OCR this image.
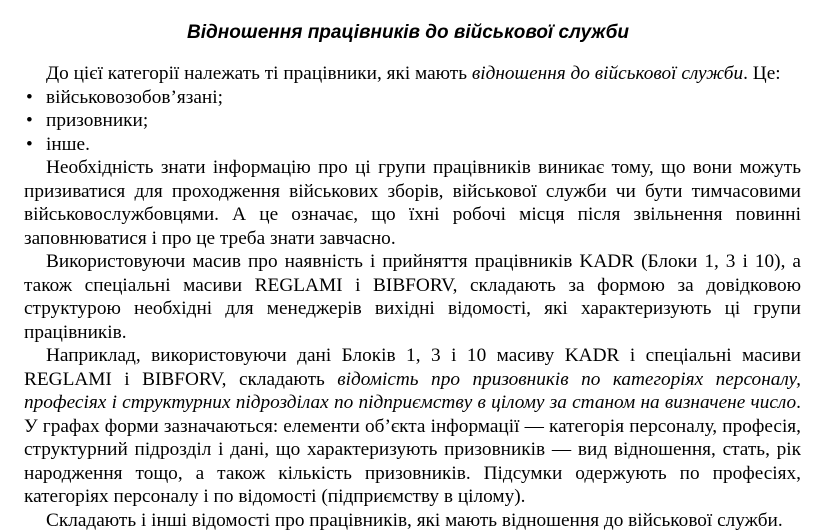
Відношення працівників до військової служби

До цієї категорії належать ті працівники, які мають відношення до військової служби. Це:

• військовозобов’язані;
• призовники;
• інше.

Необхідність знати інформацію про ці групи працівників виникає тому, що вони можуть призиватися для проходження військових зборів, військової служби чи бути тимчасовими військовослужбовцями. А це означає, що їхні робочі місця після звільнення повинні заповнюватися і про це треба знати завчасно.

Використовуючи масив про наявність і прийняття працівників KADR (Блоки 1, 3 і 10), а також спеціальні масиви REGLAMI і BIBFORV, складають за формою за довідковою структурою необхідні для менеджерів вихідні відомості, які характеризують ці групи працівників.

Наприклад, використовуючи дані Блоків 1, 3 і 10 масиву KADR і спеціальні масиви REGLAMI і BIBFORV, складають відомість про призовників по категоріях персоналу, професіях і структурних підрозділах по підприємству в цілому за станом на визначене число. У графах форми зазначаються: елементи об’єкта інформації — категорія персоналу, професія, структурний підрозділ і дані, що характеризують призовників — вид відношення, стать, рік народження тощо, а також кількість призовників. Підсумки одержують по професіях, категоріях персоналу і по відомості (підприємству в цілому).

Складають і інші відомості про працівників, які мають відношення до військової служби.
